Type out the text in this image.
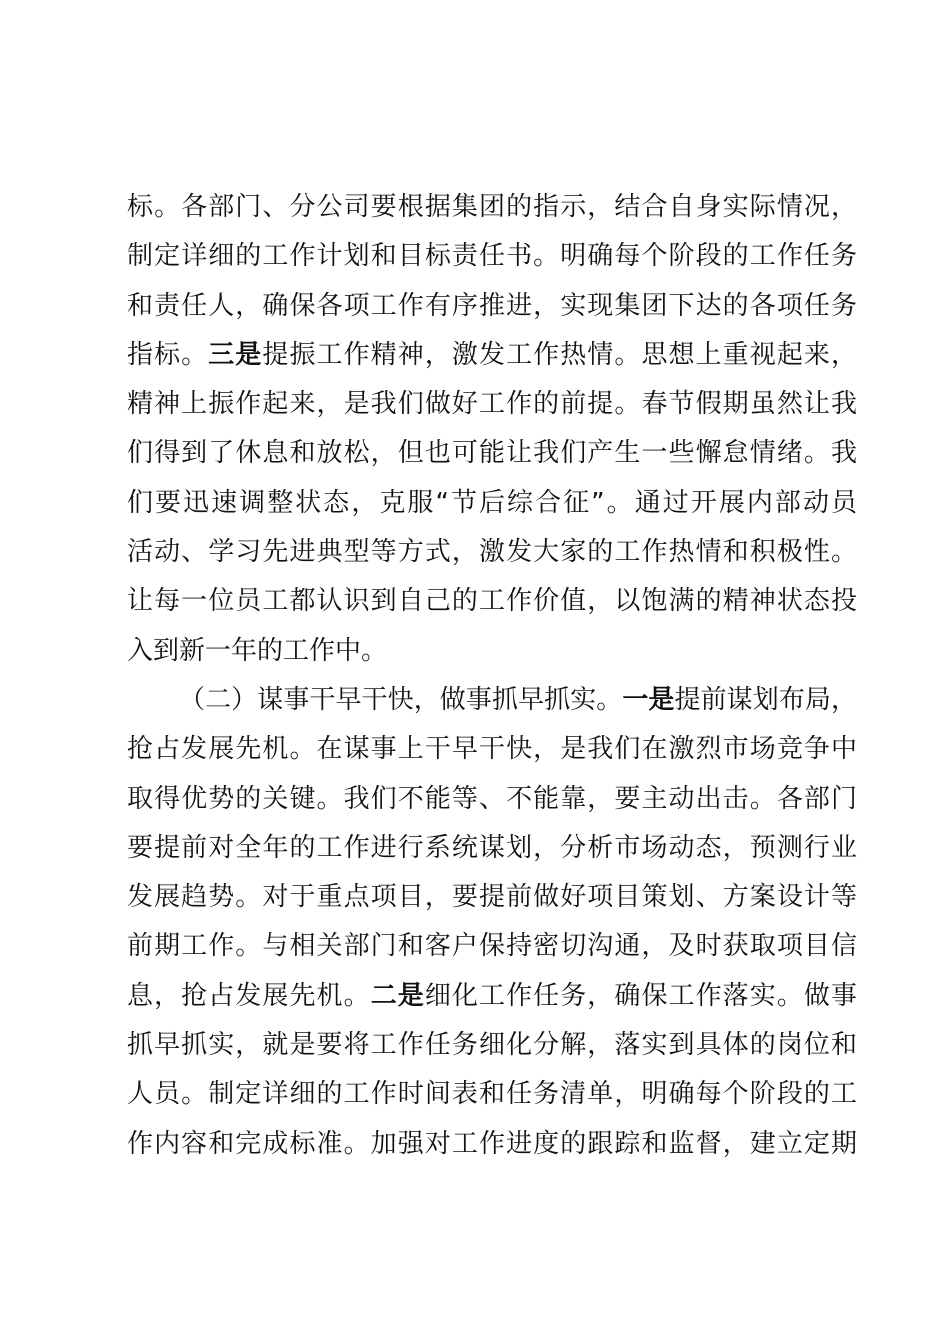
标。各部门、分公司要根据集团的指示，结合自身实际情况，
制定详细的工作计划和目标责任书。明确每个阶段的工作任务
和责任人，确保各项工作有序推进，实现集团下达的各项任务
指标。三是提振工作精神，激发工作热情。思想上重视起来，
精神上振作起来，是我们做好工作的前提。春节假期虽然让我
们得到了休息和放松，但也可能让我们产生一些懈怠情绪。我
们要迅速调整状态，克服“节后综合征”。通过开展内部动员
活动、学习先进典型等方式，激发大家的工作热情和积极性。
让每一位员工都认识到自己的工作价值，以饱满的精神状态投
入到新一年的工作中。
（二）谋事干早干快，做事抓早抓实。一是提前谋划布局，
抢占发展先机。在谋事上干早干快，是我们在激烈市场竞争中
取得优势的关键。我们不能等、不能靠，要主动出击。各部门
要提前对全年的工作进行系统谋划，分析市场动态，预测行业
发展趋势。对于重点项目，要提前做好项目策划、方案设计等
前期工作。与相关部门和客户保持密切沟通，及时获取项目信
息，抢占发展先机。二是细化工作任务，确保工作落实。做事
抓早抓实，就是要将工作任务细化分解，落实到具体的岗位和
人员。制定详细的工作时间表和任务清单，明确每个阶段的工
作内容和完成标准。加强对工作进度的跟踪和监督，建立定期
